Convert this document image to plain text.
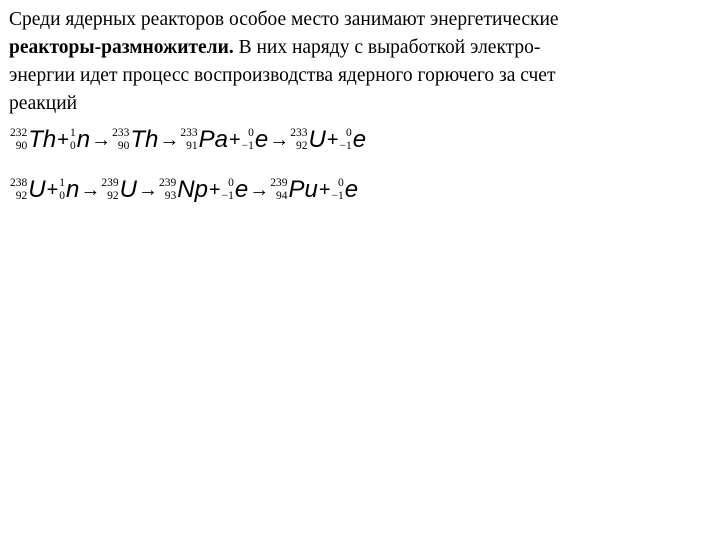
Среди ядерных реакторов особое место занимают энергетические
реакторы-размножители. В них наряду с выработкой электро-
энергии идет процесс воспроизводства ядерного горючего за счет
реакций
232
90 Th + 1
0 n → 233
90 Th → 233
91 Pa + 0
−1 e → 233
92 U + 0
−1 e
238
92 U + 1
0 n → 239
92 U → 239
93 Np + 0
−1 e → 239
94 Pu + 0
−1 e
